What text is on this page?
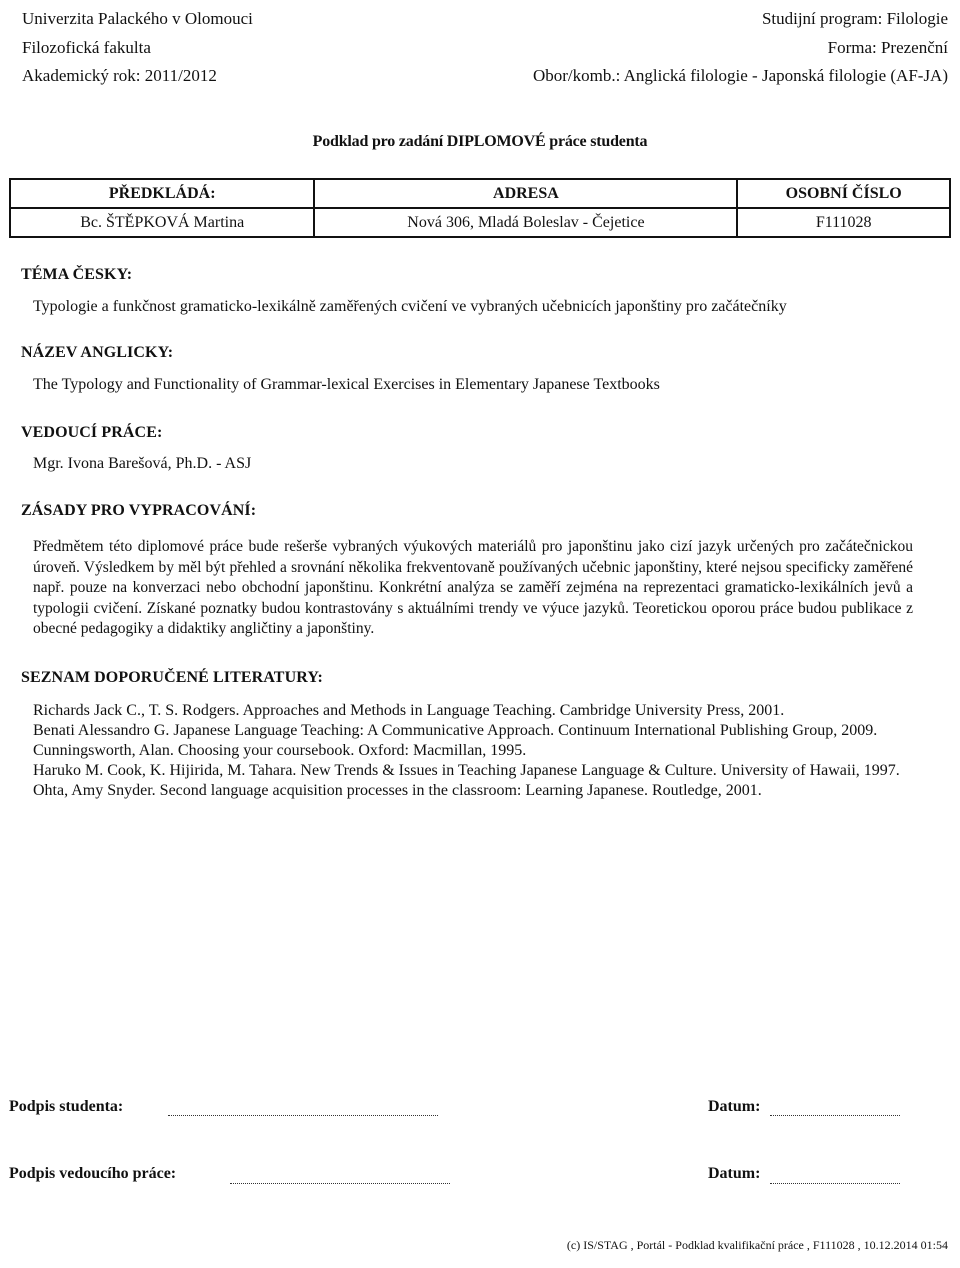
Univerzita Palackého v Olomouci
Filozofická fakulta
Akademický rok: 2011/2012
Studijní program: Filologie
Forma: Prezenční
Obor/komb.: Anglická filologie - Japonská filologie (AF-JA)
Podklad pro zadání DIPLOMOVÉ práce studenta
PŘEDKLÁDÁ:	ADRESA	OSOBNÍ ČÍSLO
Bc. ŠTĚPKOVÁ Martina	Nová 306, Mladá Boleslav - Čejetice	F111028
TÉMA ČESKY:
Typologie a funkčnost gramaticko-lexikálně zaměřených cvičení ve vybraných učebnicích japonštiny pro začátečníky
NÁZEV ANGLICKY:
The Typology and Functionality of Grammar-lexical Exercises in Elementary Japanese Textbooks
VEDOUCÍ PRÁCE:
Mgr. Ivona Barešová, Ph.D. - ASJ
ZÁSADY PRO VYPRACOVÁNÍ:
Předmětem této diplomové práce bude rešerše vybraných výukových materiálů pro japonštinu jako cizí jazyk určených pro začátečnickou úroveň. Výsledkem by měl být přehled a srovnání několika frekventovaně používaných učebnic japonštiny, které nejsou specificky zaměřené např. pouze na konverzaci nebo obchodní japonštinu. Konkrétní analýza se zaměří zejména na reprezentaci gramaticko-lexikálních jevů a typologii cvičení. Získané poznatky budou kontrastovány s aktuálními trendy ve výuce jazyků. Teoretickou oporou práce budou publikace z obecné pedagogiky a didaktiky angličtiny a japonštiny.
SEZNAM DOPORUČENÉ LITERATURY:
Richards Jack C., T. S. Rodgers. Approaches and Methods in Language Teaching. Cambridge University Press, 2001.
Benati Alessandro G. Japanese Language Teaching: A Communicative Approach. Continuum International Publishing Group, 2009.
Cunningsworth, Alan. Choosing your coursebook. Oxford: Macmillan, 1995.
Haruko M. Cook, K. Hijirida, M. Tahara. New Trends & Issues in Teaching Japanese Language & Culture. University of Hawaii, 1997.
Ohta, Amy Snyder. Second language acquisition processes in the classroom: Learning Japanese. Routledge, 2001.
Podpis studenta:	Datum:
Podpis vedoucího práce:	Datum:
(c) IS/STAG , Portál - Podklad kvalifikační práce , F111028 , 10.12.2014 01:54
